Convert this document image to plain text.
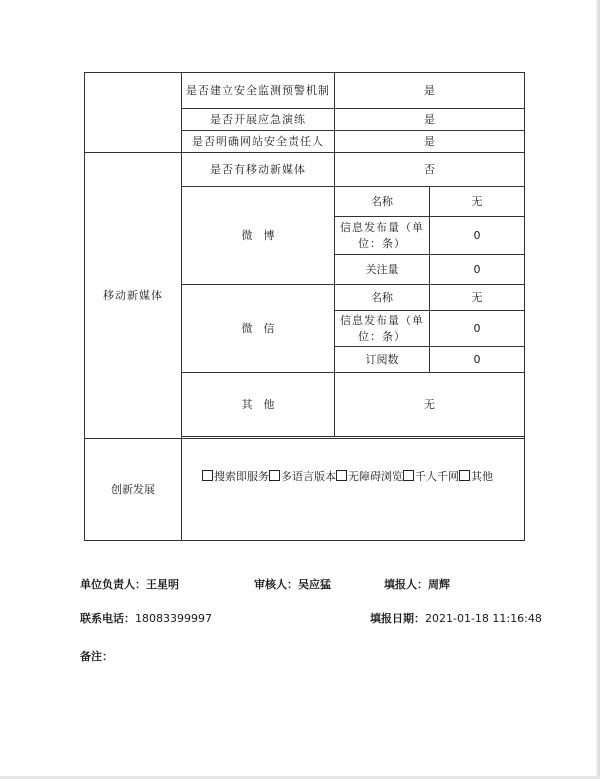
	是否建立安全监测预警机制	是	
	是否开展应急演练	是	
	是否明确网站安全责任人	是	
移动新媒体	是否有移动新媒体	否	
	微　博	名称	无
		信息发布量（单位：条）	0
		关注量	0
	微　信	名称	无
		信息发布量（单位：条）	0
		订阅数	0
	其　他	无	

创新发展	搜索即服务 多语言版本 无障碍浏览 千人千网 其他		
单位负责人：王星明	审核人：吴应猛	填报人：周辉
联系电话：18083399997	填报日期：2021-01-18 11:16:48
备注：
